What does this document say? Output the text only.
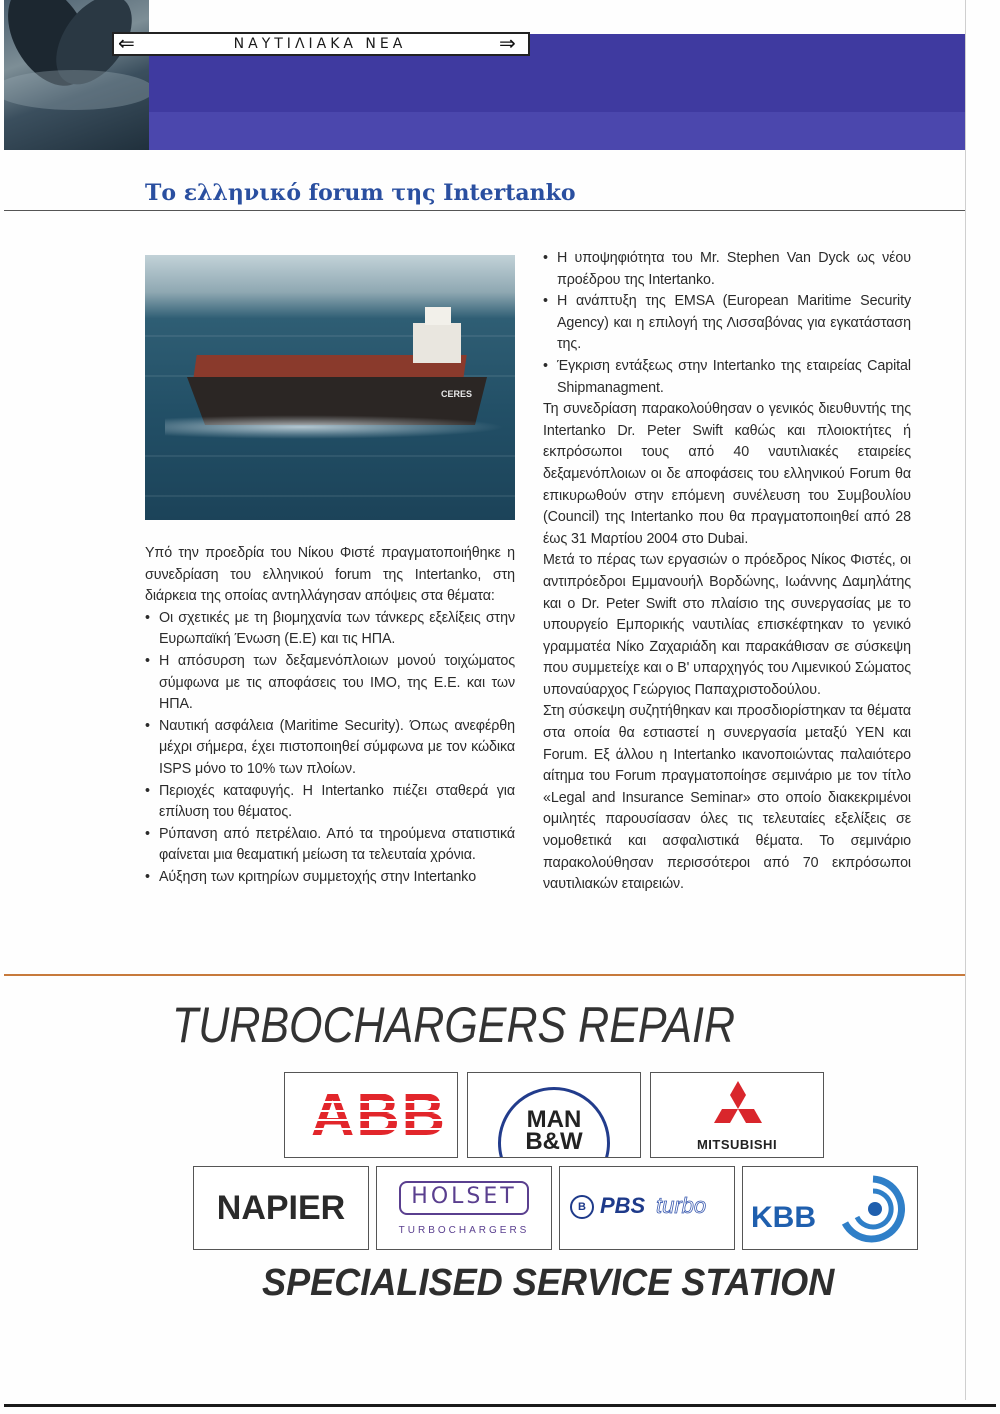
⇐	ΝΑΥΤΙΛΙΑΚΑ ΝΕΑ	⇒
Το ελληνικό forum της Intertanko
CERES

Υπό την προεδρία του Νίκου Φιστέ πραγματοποιήθηκε η συνεδρίαση του ελληνικού forum της Intertanko, στη διάρκεια της οποίας αντηλλάγησαν απόψεις στα θέματα:

• Οι σχετικές με τη βιομηχανία των τάνκερς εξελίξεις στην Ευρωπαϊκή Ένωση (Ε.Ε) και τις ΗΠΑ.
• Η απόσυρση των δεξαμενόπλοιων μονού τοιχώματος σύμφωνα με τις αποφάσεις του ΙΜΟ, της Ε.Ε. και των ΗΠΑ.
• Ναυτική ασφάλεια (Maritime Security). Όπως ανεφέρθη μέχρι σήμερα, έχει πιστοποιηθεί σύμφωνα με τον κώδικα ISPS μόνο το 10% των πλοίων.
• Περιοχές καταφυγής. Η Intertanko πιέζει σταθερά για επίλυση του θέματος.
• Ρύπανση από πετρέλαιο. Από τα τηρούμενα στατιστικά φαίνεται μια θεαματική μείωση τα τελευταία χρόνια.
• Αύξηση των κριτηρίων συμμετοχής στην Intertanko
• Η υποψηφιότητα του Mr. Stephen Van Dyck ως νέου προέδρου της Intertanko.
• Η ανάπτυξη της EMSA (European Maritime Security Agency) και η επιλογή της Λισσαβόνας για εγκατάσταση της.
• Έγκριση εντάξεως στην Intertanko της εταιρείας Capital Shipmanagment.

Τη συνεδρίαση παρακολούθησαν ο γενικός διευθυντής της Intertanko Dr. Peter Swift καθώς και πλοιοκτήτες ή εκπρόσωποι τους από 40 ναυτιλιακές εταιρείες δεξαμενόπλοιων οι δε αποφάσεις του ελληνικού Forum θα επικυρωθούν στην επόμενη συνέλευση του Συμβουλίου (Council) της Intertanko που θα πραγματοποιηθεί από 28 έως 31 Μαρτίου 2004 στο Dubai.

Μετά το πέρας των εργασιών ο πρόεδρος Νίκος Φιστές, οι αντιπρόεδροι Εμμανουήλ Βορδώνης, Ιωάννης Δαμηλάτης και ο Dr. Peter Swift στο πλαίσιο της συνεργασίας με το υπουργείο Εμπορικής ναυτιλίας επισκέφτηκαν το γενικό γραμματέα Νίκο Ζαχαριάδη και παρακάθισαν σε σύσκεψη που συμμετείχε και ο Β' υπαρχηγός του Λιμενικού Σώματος υποναύαρχος Γεώργιος Παπαχριστοδούλου.

Στη σύσκεψη συζητήθηκαν και προσδιορίστηκαν τα θέματα στα οποία θα εστιαστεί η συνεργασία μεταξύ ΥΕΝ και Forum. Εξ άλλου η Intertanko ικανοποιώντας παλαιότερο αίτημα του Forum πραγματοποίησε σεμινάριο με τον τίτλο «Legal and Insurance Seminar» στο οποίο διακεκριμένοι ομιλητές παρουσίασαν όλες τις τελευταίες εξελίξεις σε νομοθετικά και ασφαλιστικά θέματα. Το σεμινάριο παρακολούθησαν περισσότεροι από 70 εκπρόσωποι ναυτιλιακών εταιρειών.

TURBOCHARGERS REPAIR
ABB	MAN
B&W	MITSUBISHI
NAPIER	HOLSET
TURBOCHARGERS
B PBS turbo KBB
SPECIALISED SERVICE STATION
